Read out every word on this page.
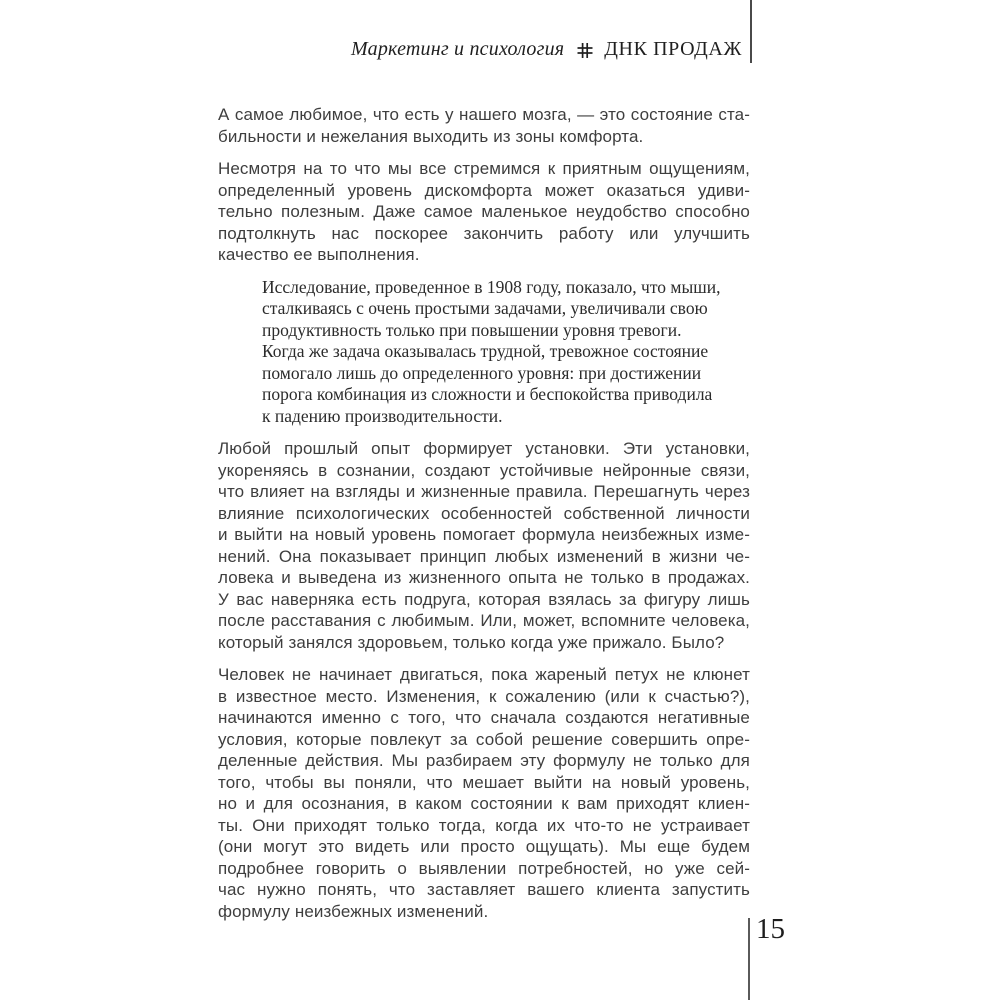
Маркетинг и психология ДНК ПРОДАЖ

А самое любимое, что есть у нашего мозга, — это состояние ста-
бильности и нежелания выходить из зоны комфорта.

Несмотря на то что мы все стремимся к приятным ощущениям,
определенный уровень дискомфорта может оказаться удиви-
тельно полезным. Даже самое маленькое неудобство способно
подтолкнуть нас поскорее закончить работу или улучшить
качество ее выполнения.

Исследование, проведенное в 1908 году, показало, что мыши,
сталкиваясь с очень простыми задачами, увеличивали свою
продуктивность только при повышении уровня тревоги.
Когда же задача оказывалась трудной, тревожное состояние
помогало лишь до определенного уровня: при достижении
порога комбинация из сложности и беспокойства приводила
к падению производительности.

Любой прошлый опыт формирует установки. Эти установки,
укореняясь в сознании, создают устойчивые нейронные связи,
что влияет на взгляды и жизненные правила. Перешагнуть через
влияние психологических особенностей собственной личности
и выйти на новый уровень помогает формула неизбежных изме-
нений. Она показывает принцип любых изменений в жизни че-
ловека и выведена из жизненного опыта не только в продажах.
У вас наверняка есть подруга, которая взялась за фигуру лишь
после расставания с любимым. Или, может, вспомните человека,
который занялся здоровьем, только когда уже прижало. Было?

Человек не начинает двигаться, пока жареный петух не клюнет
в известное место. Изменения, к сожалению (или к счастью?),
начинаются именно с того, что сначала создаются негативные
условия, которые повлекут за собой решение совершить опре-
деленные действия. Мы разбираем эту формулу не только для
того, чтобы вы поняли, что мешает выйти на новый уровень,
но и для осознания, в каком состоянии к вам приходят клиен-
ты. Они приходят только тогда, когда их что-то не устраивает
(они могут это видеть или просто ощущать). Мы еще будем
подробнее говорить о выявлении потребностей, но уже сей-
час нужно понять, что заставляет вашего клиента запустить
формулу неизбежных изменений.

15
